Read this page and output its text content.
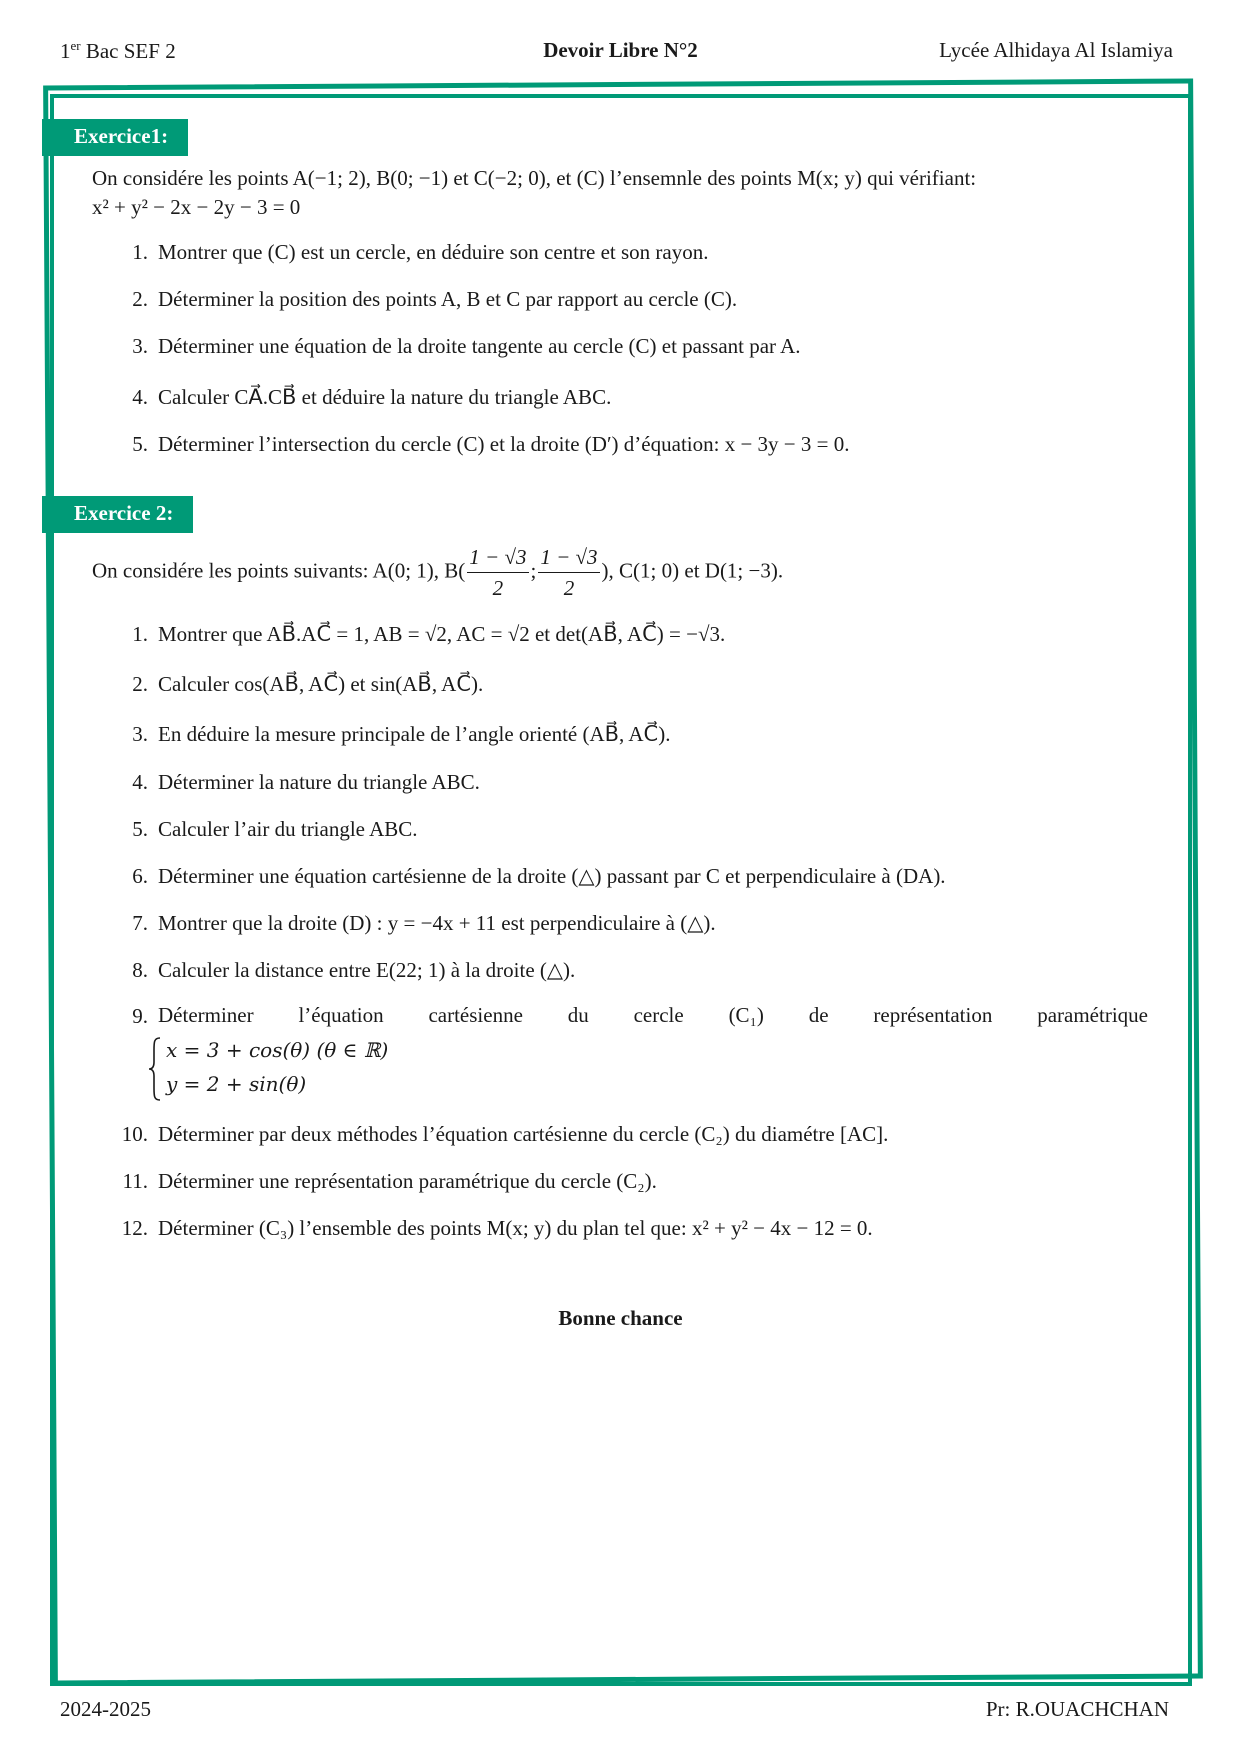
1er Bac SEF 2	Devoir Libre N°2	Lycée Alhidaya Al Islamiya
Exercice1:
On considére les points A(−1; 2), B(0; −1) et C(−2; 0), et (C) l’ensemnle des points M(x; y) qui vérifiant:
x² + y² − 2x − 2y − 3 = 0
1. Montrer que (C) est un cercle, en déduire son centre et son rayon.
2. Déterminer la position des points A, B et C par rapport au cercle (C).
3. Déterminer une équation de la droite tangente au cercle (C) et passant par A.
4. Calculer CA⃗.CB⃗ et déduire la nature du triangle ABC.
5. Déterminer l’intersection du cercle (C) et la droite (D′) d’équation: x − 3y − 3 = 0.
Exercice 2:
On considére les points suivants: A(0; 1), $B( \frac{1 - √3}{2}$ ; $\frac{1 - √3}{2}$ ), C(1; 0) et D(1; −3).
1. Montrer que AB⃗.AC⃗ = 1, AB = √2, AC = √2 et det(AB⃗, AC⃗) = −√3.
2. Calculer cos(AB⃗, AC⃗) et sin(AB⃗, AC⃗).
3. En déduire la mesure principale de l’angle orienté (AB⃗, AC⃗).
4. Déterminer la nature du triangle ABC.
5. Calculer l’air du triangle ABC.
6. Déterminer une équation cartésienne de la droite (△) passant par C et perpendiculaire à (DA).
7. Montrer que la droite (D) : y = −4x + 11 est perpendiculaire à (△).
8. Calculer la distance entre E(22; 1) à la droite (△).
9. Déterminer l’équation cartésienne du cercle (C₁) de représentation paramétrique
x = 3 + cos(θ) (θ ∈ ℝ)
y = 2 + sin(θ)
10. Déterminer par deux méthodes l’équation cartésienne du cercle (C₂) du diamétre [AC].
11. Déterminer une représentation paramétrique du cercle (C₂).
12. Déterminer (C₃) l’ensemble des points M(x; y) du plan tel que: x² + y² − 4x − 12 = 0.
Bonne chance
2024-2025	Pr: R.OUACHCHAN
